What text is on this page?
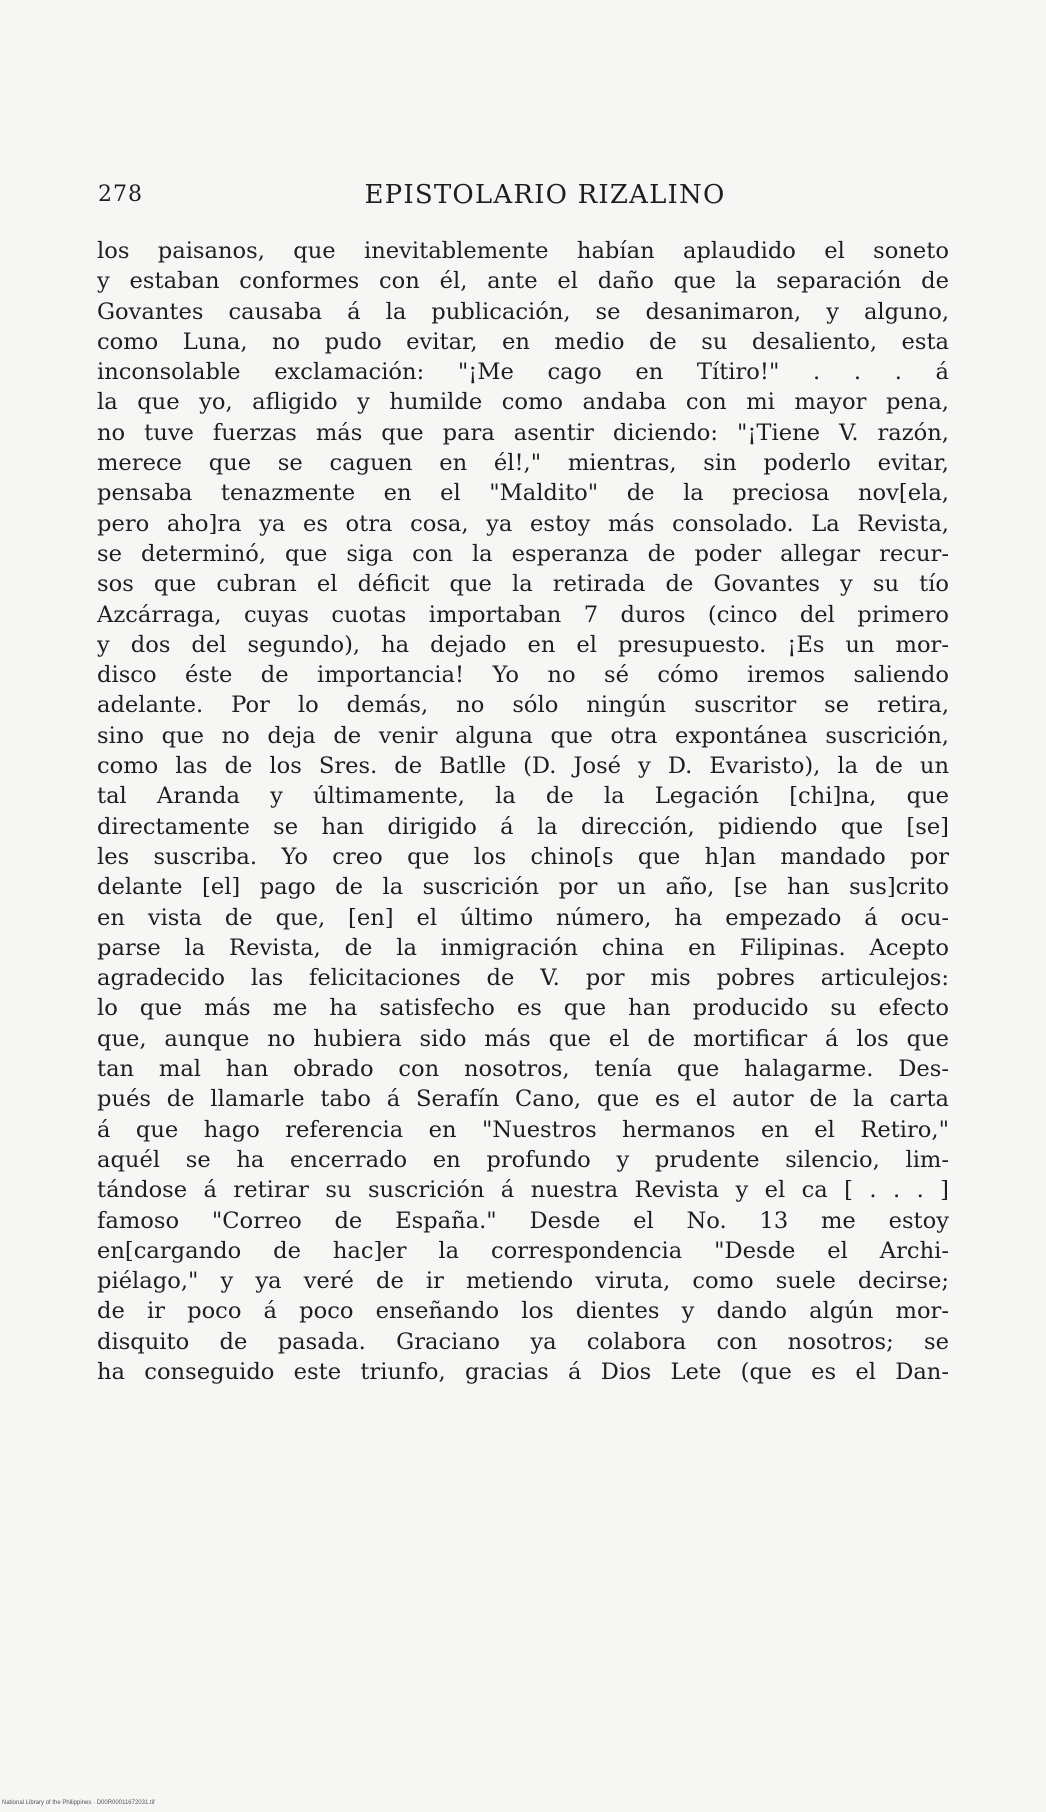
278	EPISTOLARIO RIZALINO
los paisanos, que inevitablemente habían aplaudido el soneto
y estaban conformes con él, ante el daño que la separación de
Govantes causaba á la publicación, se desanimaron, y alguno,
como Luna, no pudo evitar, en medio de su desaliento, esta
inconsolable exclamación: "¡Me cago en Títiro!" . . . á
la que yo, afligido y humilde como andaba con mi mayor pena,
no tuve fuerzas más que para asentir diciendo: "¡Tiene V. razón,
merece que se caguen en él!," mientras, sin poderlo evitar,
pensaba tenazmente en el "Maldito" de la preciosa nov[ela,
pero aho]ra ya es otra cosa, ya estoy más consolado. La Revista,
se determinó, que siga con la esperanza de poder allegar recur-
sos que cubran el déficit que la retirada de Govantes y su tío
Azcárraga, cuyas cuotas importaban 7 duros (cinco del primero
y dos del segundo), ha dejado en el presupuesto. ¡Es un mor-
disco éste de importancia! Yo no sé cómo iremos saliendo
adelante. Por lo demás, no sólo ningún suscritor se retira,
sino que no deja de venir alguna que otra expontánea suscrición,
como las de los Sres. de Batlle (D. José y D. Evaristo), la de un
tal Aranda y últimamente, la de la Legación [chi]na, que
directamente se han dirigido á la dirección, pidiendo que [se]
les suscriba. Yo creo que los chino[s que h]an mandado por
delante [el] pago de la suscrición por un año, [se han sus]crito
en vista de que, [en] el último número, ha empezado á ocu-
parse la Revista, de la inmigración china en Filipinas. Acepto
agradecido las felicitaciones de V. por mis pobres articulejos:
lo que más me ha satisfecho es que han producido su efecto
que, aunque no hubiera sido más que el de mortificar á los que
tan mal han obrado con nosotros, tenía que halagarme. Des-
pués de llamarle tabo á Serafín Cano, que es el autor de la carta
á que hago referencia en "Nuestros hermanos en el Retiro,"
aquél se ha encerrado en profundo y prudente silencio, lim-
tándose á retirar su suscrición á nuestra Revista y el ca [ . . . ]
famoso "Correo de España." Desde el No. 13 me estoy
en[cargando de hac]er la correspondencia "Desde el Archi-
piélago," y ya veré de ir metiendo viruta, como suele decirse;
de ir poco á poco enseñando los dientes y dando algún mor-
disquito de pasada. Graciano ya colabora con nosotros; se
ha conseguido este triunfo, gracias á Dios Lete (que es el Dan-
National Library of the Philippines · D00R00011672031.tif
